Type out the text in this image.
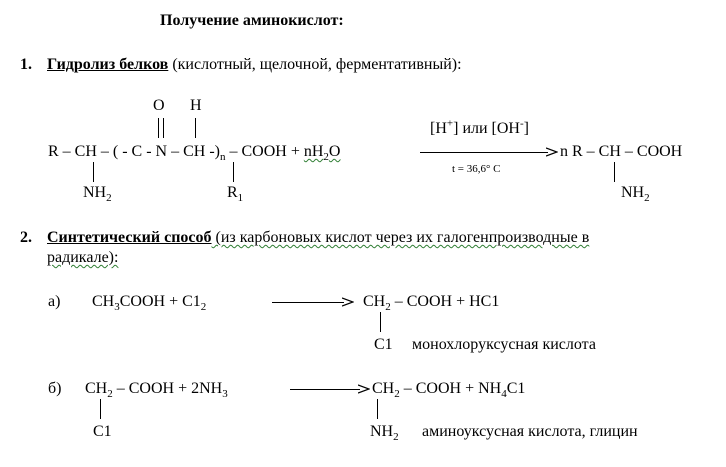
Получение аминокислот:
1. Гидролиз белков (кислотный, щелочной, ферментативный):
O H
R – CH – ( - C - N – CH $-)_n$ – COOH + $nH_2O$
[H+] или [OH-]
t = 36,6° C
n R – CH – COOH
$NH_2$	$R_1$	$NH_2$
2. Синтетический способ (из карбоновых кислот через их галогенпроизводные в
радикале):
а) $CH_3COOH + C1_2$	$CH_2$ – COOH + HC1
C1 монохлоруксусная кислота
б) $CH_2$ – COOH + $2NH_3$	$CH_2$ – COOH + $NH_4C1$
C1	$NH_2$ аминоуксусная кислота, глицин
